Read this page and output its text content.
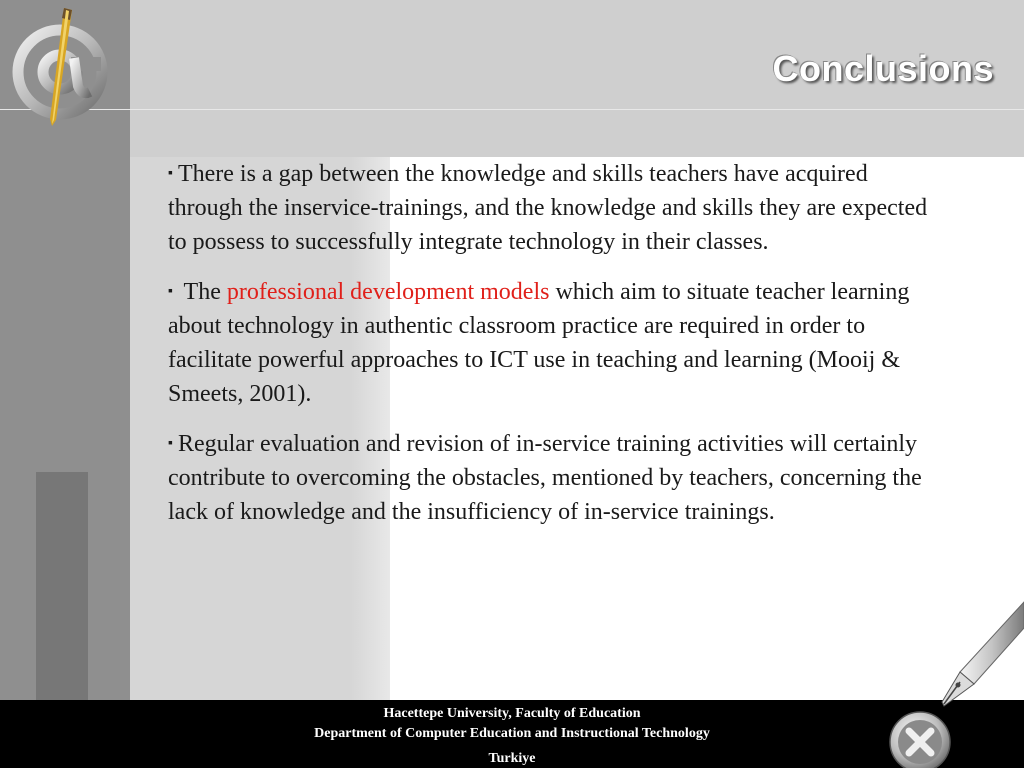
Conclusions

▪ There is a gap between the knowledge and skills teachers have acquired through the inservice-trainings, and the knowledge and skills they are expected to possess to successfully integrate technology in their classes.

▪ The professional development models which aim to situate teacher learning about technology in authentic classroom practice are required in order to facilitate powerful approaches to ICT use in teaching and learning (Mooij & Smeets, 2001).

▪ Regular evaluation and revision of in-service training activities will certainly contribute to overcoming the obstacles, mentioned by teachers, concerning the lack of knowledge and the insufficiency of in-service trainings.

Hacettepe University, Faculty of Education
Department of Computer Education and Instructional Technology
Turkiye
